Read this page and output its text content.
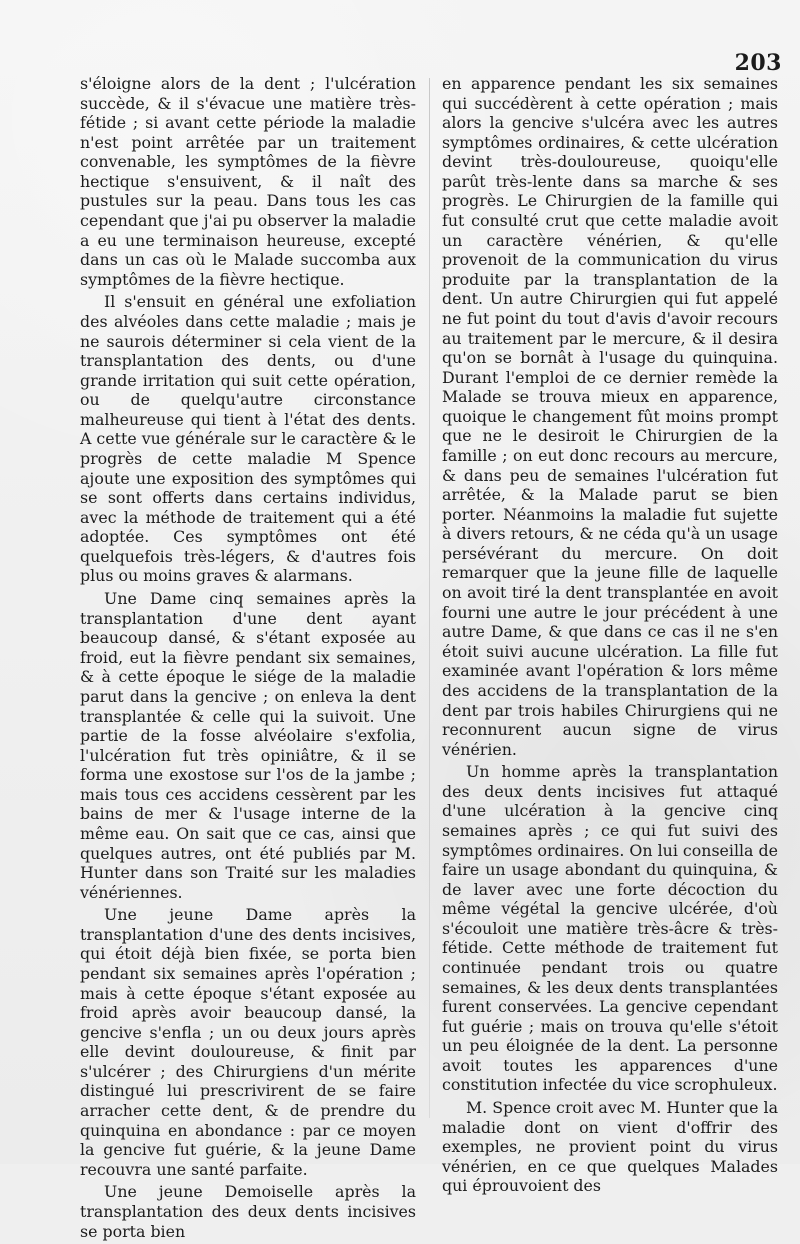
203

s'éloigne alors de la dent ; l'ulcération succède, & il s'évacue une matière très-fétide ; si avant cette période la maladie n'est point arrêtée par un traitement convenable, les symptômes de la fièvre hectique s'ensuivent, & il naît des pustules sur la peau. Dans tous les cas cependant que j'ai pu observer la maladie a eu une terminaison heureuse, excepté dans un cas où le Malade succomba aux symptômes de la fièvre hectique.

Il s'ensuit en général une exfoliation des alvéoles dans cette maladie ; mais je ne saurois déterminer si cela vient de la transplantation des dents, ou d'une grande irritation qui suit cette opération, ou de quelqu'autre circonstance malheureuse qui tient à l'état des dents. A cette vue générale sur le caractère & le progrès de cette maladie M Spence ajoute une exposition des symptômes qui se sont offerts dans certains individus, avec la méthode de traitement qui a été adoptée. Ces symptômes ont été quelquefois très-légers, & d'autres fois plus ou moins graves & alarmans.

Une Dame cinq semaines après la transplantation d'une dent ayant beaucoup dansé, & s'étant exposée au froid, eut la fièvre pendant six semaines, & à cette époque le siége de la maladie parut dans la gencive ; on enleva la dent transplantée & celle qui la suivoit. Une partie de la fosse alvéolaire s'exfolia, l'ulcération fut très opiniâtre, & il se forma une exostose sur l'os de la jambe ; mais tous ces accidens cessèrent par les bains de mer & l'usage interne de la même eau. On sait que ce cas, ainsi que quelques autres, ont été publiés par M. Hunter dans son Traité sur les maladies vénériennes.

Une jeune Dame après la transplantation d'une des dents incisives, qui étoit déjà bien fixée, se porta bien pendant six semaines après l'opération ; mais à cette époque s'étant exposée au froid après avoir beaucoup dansé, la gencive s'enfla ; un ou deux jours après elle devint douloureuse, & finit par s'ulcérer ; des Chirurgiens d'un mérite distingué lui prescrivirent de se faire arracher cette dent, & de prendre du quinquina en abondance : par ce moyen la gencive fut guérie, & la jeune Dame recouvra une santé parfaite.

Une jeune Demoiselle après la transplantation des deux dents incisives se porta bien

en apparence pendant les six semaines qui succédèrent à cette opération ; mais alors la gencive s'ulcéra avec les autres symptômes ordinaires, & cette ulcération devint très-douloureuse, quoiqu'elle parût très-lente dans sa marche & ses progrès. Le Chirurgien de la famille qui fut consulté crut que cette maladie avoit un caractère vénérien, & qu'elle provenoit de la communication du virus produite par la transplantation de la dent. Un autre Chirurgien qui fut appelé ne fut point du tout d'avis d'avoir recours au traitement par le mercure, & il desira qu'on se bornât à l'usage du quinquina. Durant l'emploi de ce dernier remède la Malade se trouva mieux en apparence, quoique le changement fût moins prompt que ne le desiroit le Chirurgien de la famille ; on eut donc recours au mercure, & dans peu de semaines l'ulcération fut arrêtée, & la Malade parut se bien porter. Néanmoins la maladie fut sujette à divers retours, & ne céda qu'à un usage persévérant du mercure. On doit remarquer que la jeune fille de laquelle on avoit tiré la dent transplantée en avoit fourni une autre le jour précédent à une autre Dame, & que dans ce cas il ne s'en étoit suivi aucune ulcération. La fille fut examinée avant l'opération & lors même des accidens de la transplantation de la dent par trois habiles Chirurgiens qui ne reconnurent aucun signe de virus vénérien.

Un homme après la transplantation des deux dents incisives fut attaqué d'une ulcération à la gencive cinq semaines après ; ce qui fut suivi des symptômes ordinaires. On lui conseilla de faire un usage abondant du quinquina, & de laver avec une forte décoction du même végétal la gencive ulcérée, d'où s'écouloit une matière très-âcre & très-fétide. Cette méthode de traitement fut continuée pendant trois ou quatre semaines, & les deux dents transplantées furent conservées. La gencive cependant fut guérie ; mais on trouva qu'elle s'étoit un peu éloignée de la dent. La personne avoit toutes les apparences d'une constitution infectée du vice scrophuleux.

M. Spence croit avec M. Hunter que la maladie dont on vient d'offrir des exemples, ne provient point du virus vénérien, en ce que quelques Malades qui éprouvoient des
